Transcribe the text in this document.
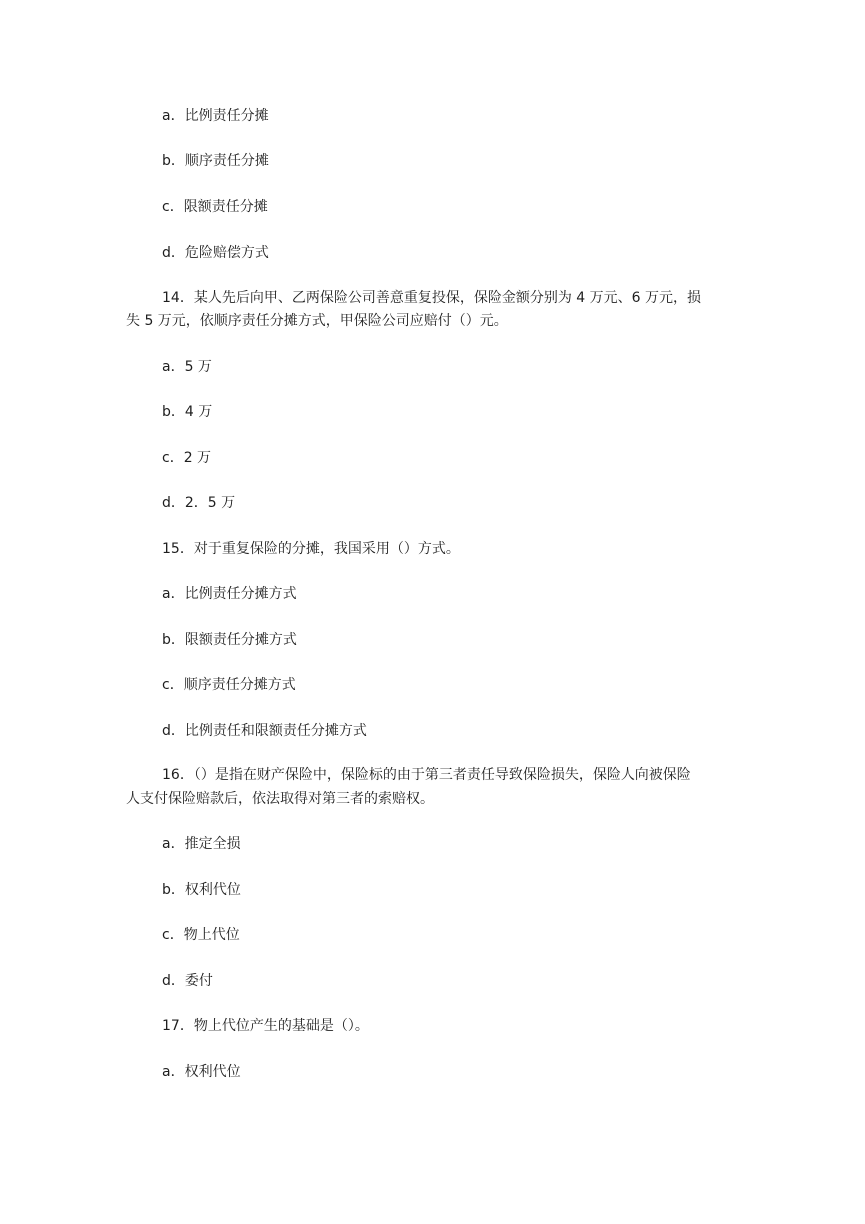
a．比例责任分摊
b．顺序责任分摊
c．限额责任分摊
d．危险赔偿方式
14．某人先后向甲、乙两保险公司善意重复投保，保险金额分别为 4 万元、6 万元，损
失 5 万元，依顺序责任分摊方式，甲保险公司应赔付（）元。
a．5 万
b．4 万
c．2 万
d．2．5 万
15．对于重复保险的分摊，我国采用（）方式。
a．比例责任分摊方式
b．限额责任分摊方式
c．顺序责任分摊方式
d．比例责任和限额责任分摊方式
16．（）是指在财产保险中，保险标的由于第三者责任导致保险损失，保险人向被保险
人支付保险赔款后，依法取得对第三者的索赔权。
a．推定全损
b．权利代位
c．物上代位
d．委付
17．物上代位产生的基础是（）。
a．权利代位
